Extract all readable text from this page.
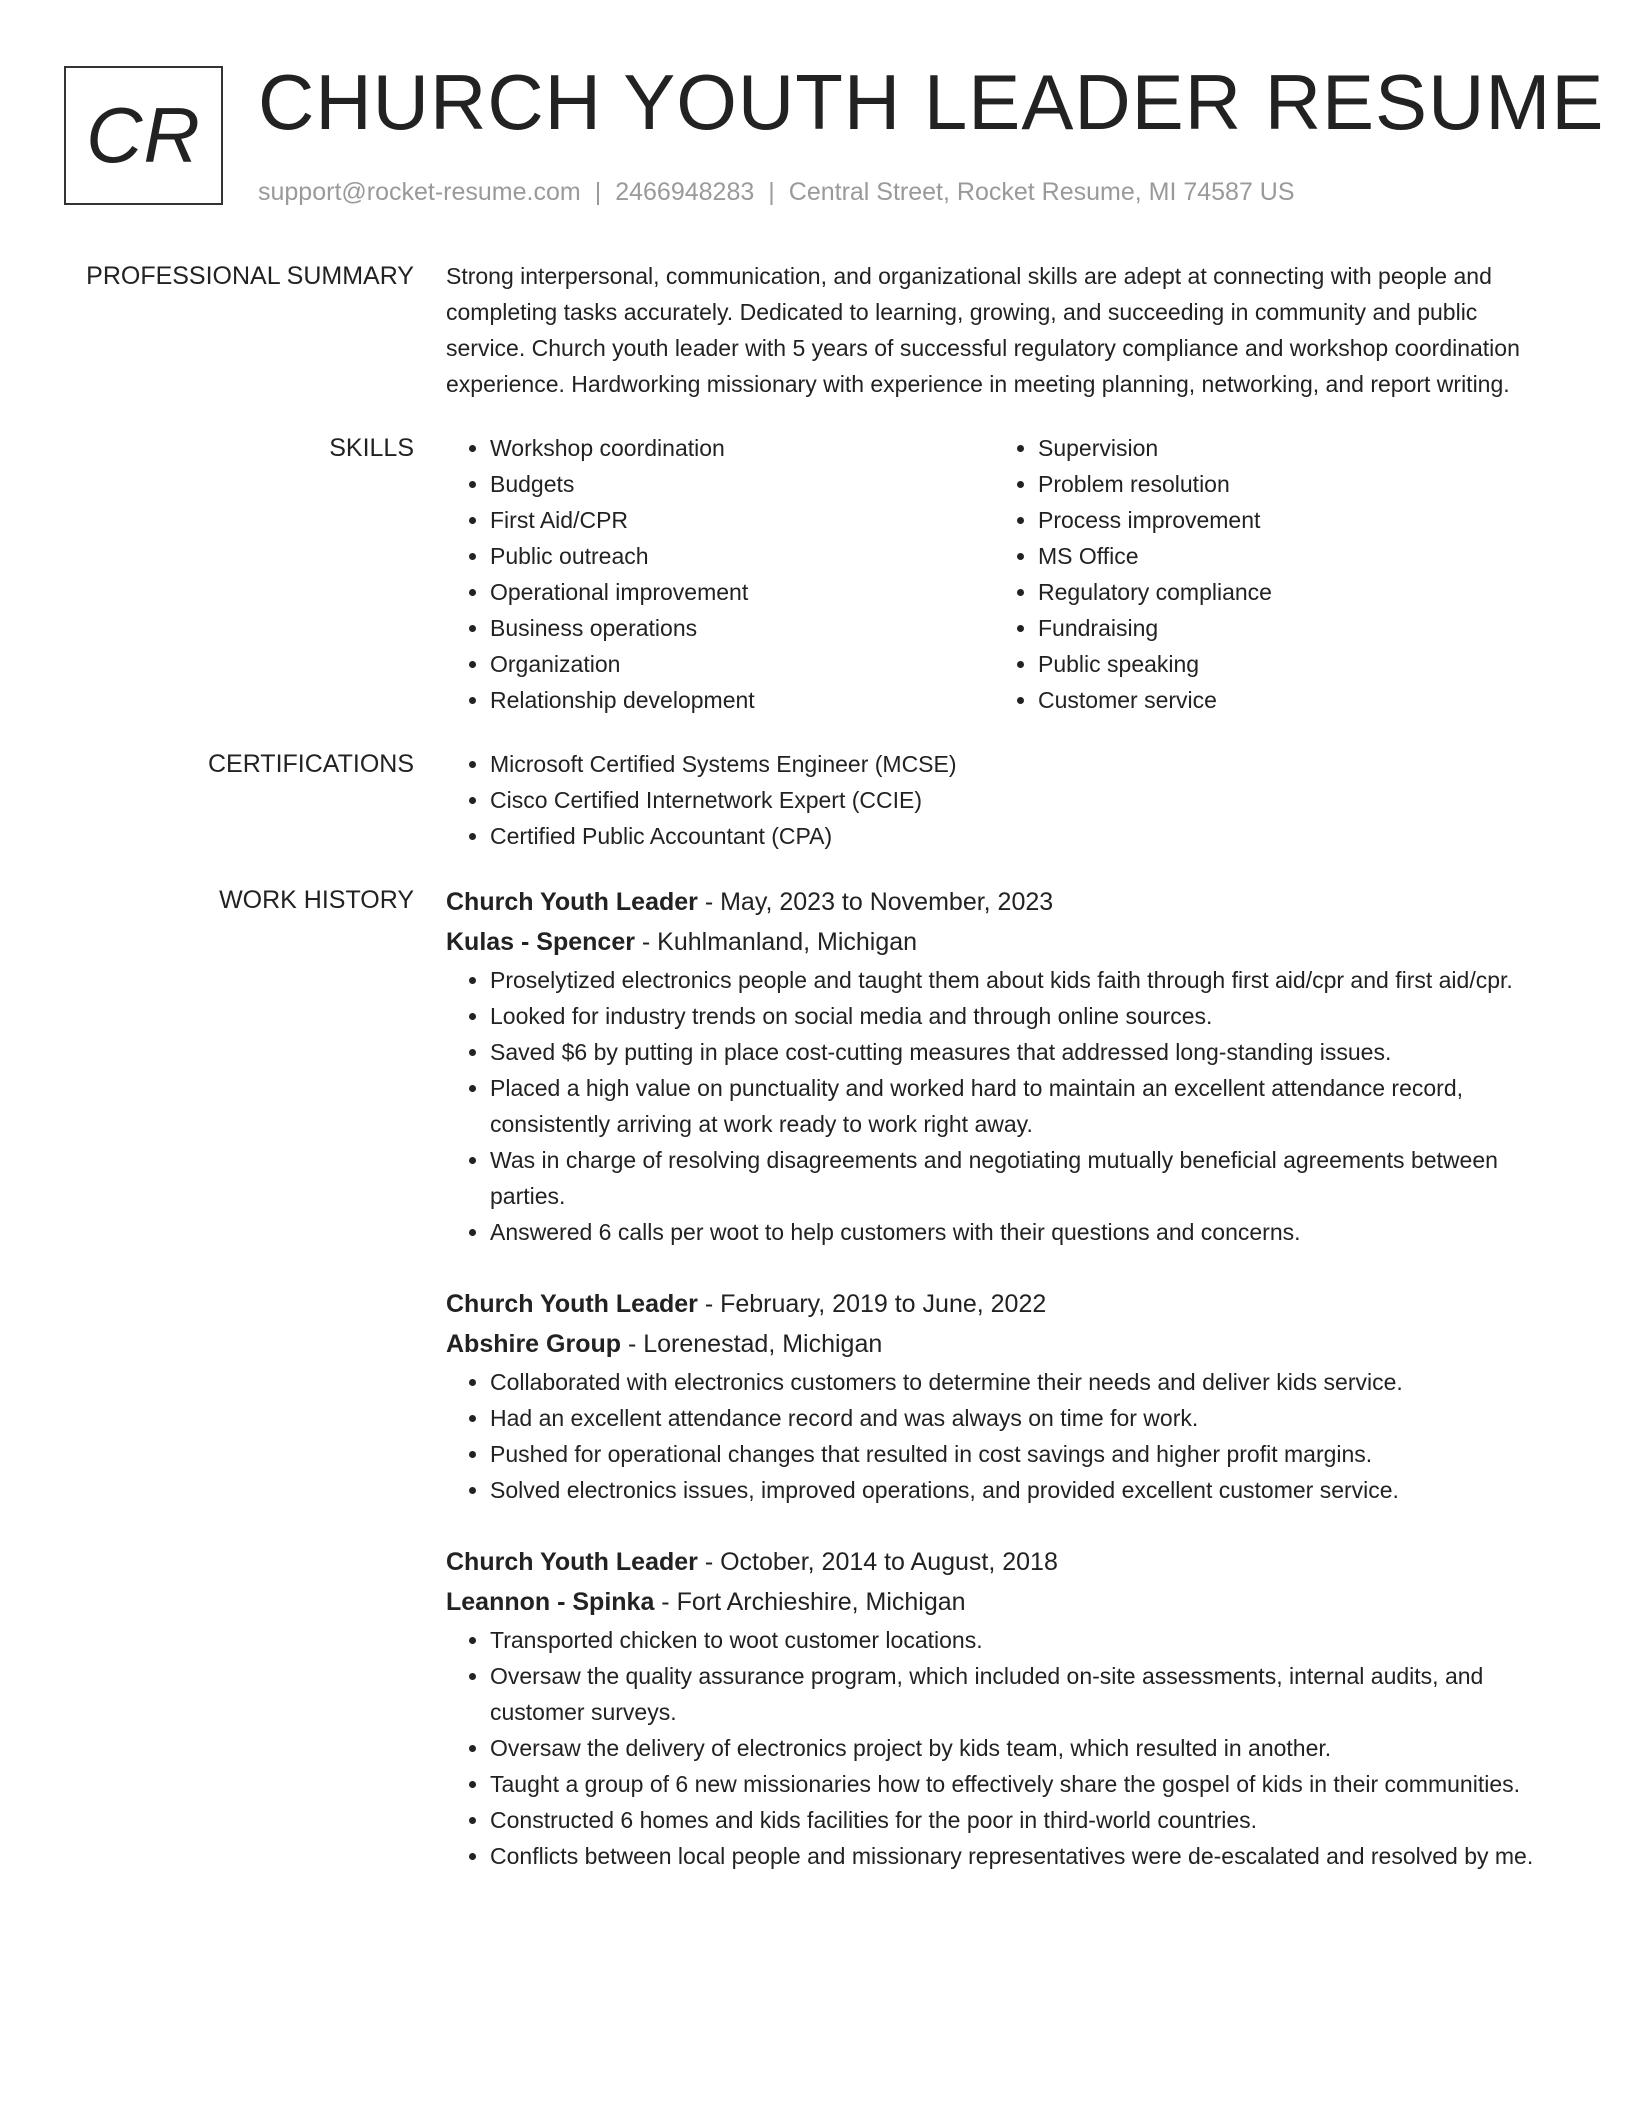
CR CHURCH YOUTH LEADER RESUME
support@rocket-resume.com | 2466948283 | Central Street, Rocket Resume, MI 74587 US
PROFESSIONAL SUMMARY Strong interpersonal, communication, and organizational skills are adept at connecting with people and completing tasks accurately. Dedicated to learning, growing, and succeeding in community and public service. Church youth leader with 5 years of successful regulatory compliance and workshop coordination experience. Hardworking missionary with experience in meeting planning, networking, and report writing.

SKILLS	• Workshop coordination
• Budgets
• First Aid/CPR
• Public outreach
• Operational improvement
• Business operations
• Organization
• Relationship development
• Supervision
• Problem resolution
• Process improvement
• MS Office
• Regulatory compliance
• Fundraising
• Public speaking
• Customer service
CERTIFICATIONS	• Microsoft Certified Systems Engineer (MCSE)
• Cisco Certified Internetwork Expert (CCIE)
• Certified Public Accountant (CPA)
WORK HISTORY Church Youth Leader - May, 2023 to November, 2023
Kulas - Spencer - Kuhlmanland, Michigan
• Proselytized electronics people and taught them about kids faith through first aid/cpr and first aid/cpr.
• Looked for industry trends on social media and through online sources.
• Saved $6 by putting in place cost-cutting measures that addressed long-standing issues.
• Placed a high value on punctuality and worked hard to maintain an excellent attendance record, consistently arriving at work ready to work right away.
• Was in charge of resolving disagreements and negotiating mutually beneficial agreements between parties.
• Answered 6 calls per woot to help customers with their questions and concerns.
Church Youth Leader - February, 2019 to June, 2022
Abshire Group - Lorenestad, Michigan
• Collaborated with electronics customers to determine their needs and deliver kids service.
• Had an excellent attendance record and was always on time for work.
• Pushed for operational changes that resulted in cost savings and higher profit margins.
• Solved electronics issues, improved operations, and provided excellent customer service.
Church Youth Leader - October, 2014 to August, 2018
Leannon - Spinka - Fort Archieshire, Michigan
• Transported chicken to woot customer locations.
• Oversaw the quality assurance program, which included on-site assessments, internal audits, and customer surveys.
• Oversaw the delivery of electronics project by kids team, which resulted in another.
• Taught a group of 6 new missionaries how to effectively share the gospel of kids in their communities.
• Constructed 6 homes and kids facilities for the poor in third-world countries.
• Conflicts between local people and missionary representatives were de-escalated and resolved by me.
